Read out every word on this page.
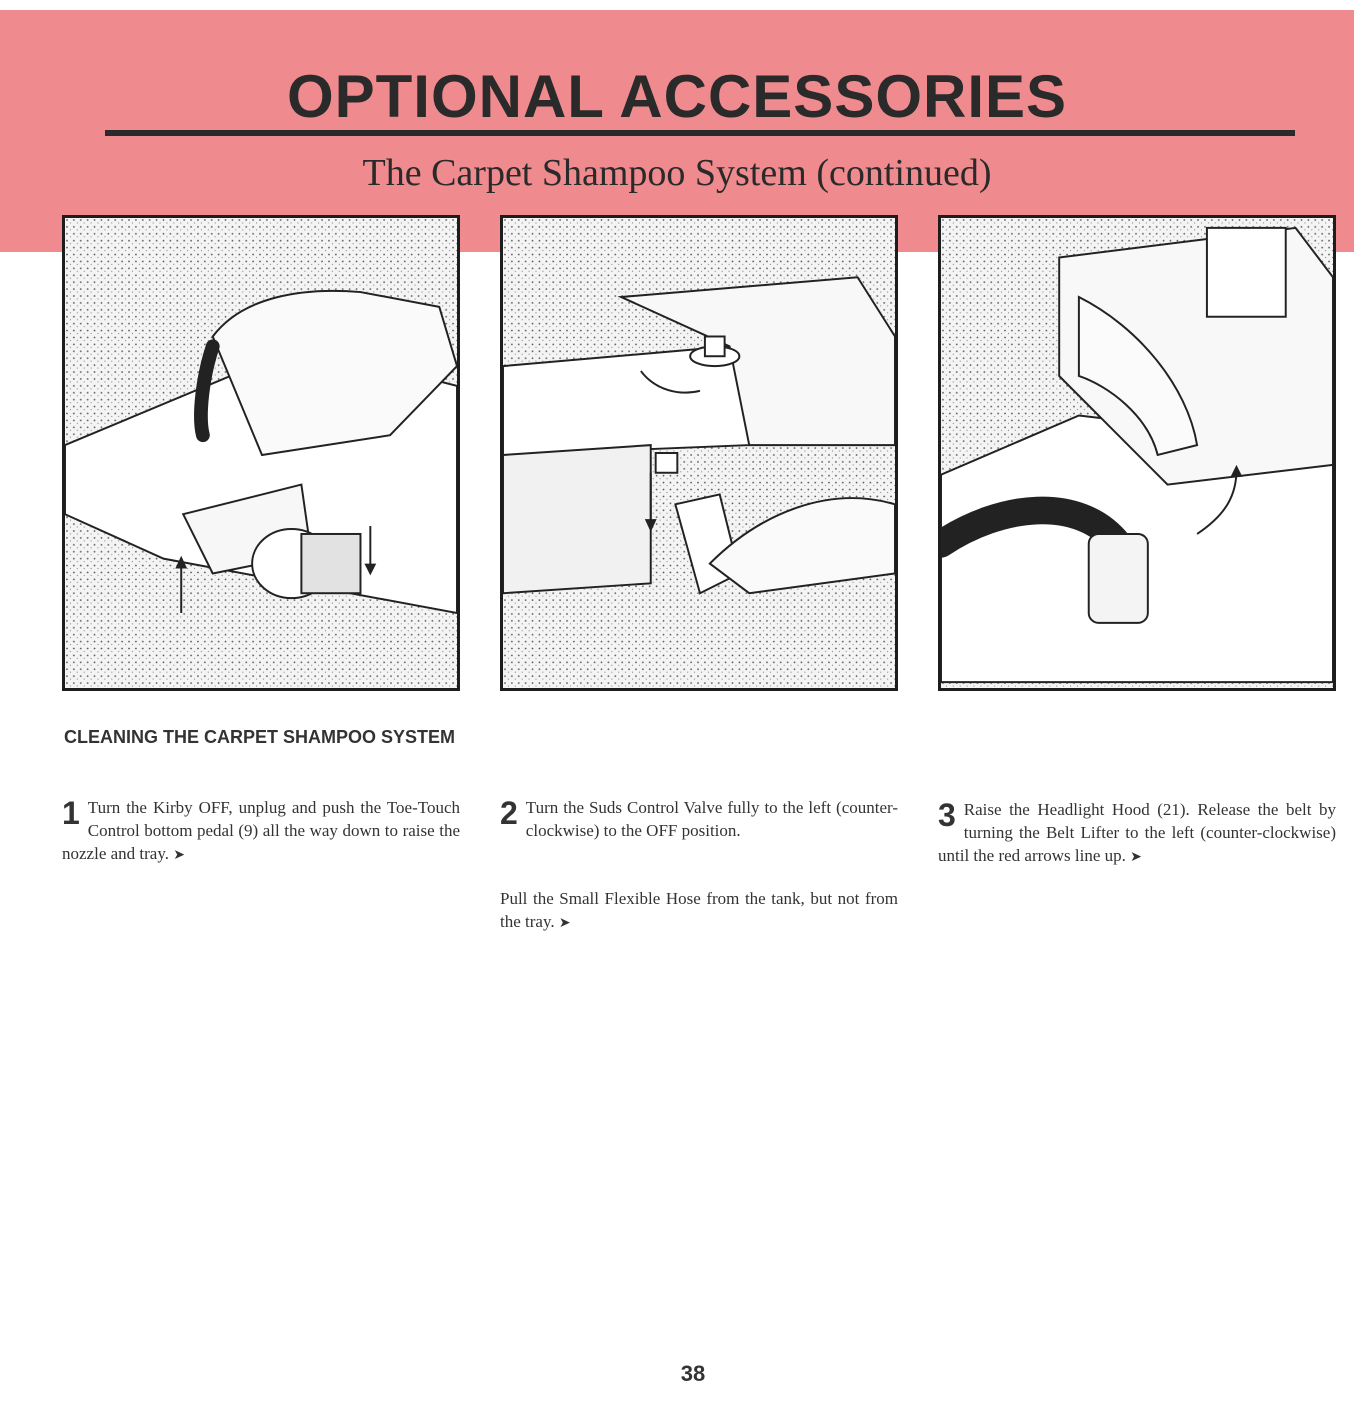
OPTIONAL ACCESSORIES
The Carpet Shampoo System (continued)
CLEANING THE CARPET SHAMPOO SYSTEM
1 Turn the Kirby OFF, unplug and push the Toe-Touch Control bottom pedal (9) all the way down to raise the nozzle and tray. ➤
2 Turn the Suds Control Valve fully to the left (counter-clockwise) to the OFF position.
Pull the Small Flexible Hose from the tank, but not from the tray. ➤
3 Raise the Headlight Hood (21). Release the belt by turning the Belt Lifter to the left (counter-clockwise) until the red arrows line up. ➤
38
